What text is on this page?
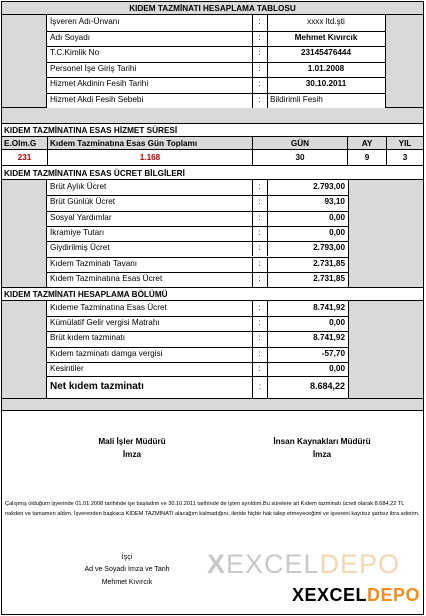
KIDEM TAZMİNATI HESAPLAMA TABLOSU
İşveren Adı-Ünvanı	:	xxxx ltd.şti
Adı Soyadı	:	Mehmet Kıvırcık
T.C.Kimlik No	:	23145476444
Personel İşe Giriş Tarihi	:	1.01.2008
Hizmet Akdinin Fesih Tarihi	:	30.10.2011
Hizmet Akdi Fesih Sebebi	:	Bildirimli Fesih
KIDEM TAZMİNATINA ESAS HİZMET SÜRESİ
E.Olm.G Kıdem Tazminatına Esas Gün Toplamı	GÜN	AY	YIL
231	1.168	30	9	3
KIDEM TAZMİNATINA ESAS ÜCRET BİLGİLERİ
Brüt Aylık Ücret	:	2.793,00
Brüt Günlük Ücret	:	93,10
Sosyal Yardımlar	:	0,00
İkramiye Tutarı	:	0,00
Giydirilmiş Ücret	:	2.793,00
Kıdem Tazminatı Tavanı	:	2.731,85
Kıdem Tazminatına Esas Ücret	:	2.731,85
KIDEM TAZMİNATI HESAPLAMA BÖLÜMÜ
Kıdeme Tazminatına Esas Ücret	:	8.741,92
Kümülatif Gelir vergisi Matrahı	:	0,00
Brüt kıdem tazminatı	:	8.741,92
Kıdem tazminatı damga vergisi	:	-57,70
Kesintiler	:	0,00
Net kıdem tazminatı	:	8.684,22
Mali İşler Müdürü
İmza
İnsan Kaynakları Müdürü
İmza
Çalışmış olduğum işyerinde 01.01.2008 tarihinde işe başladım ve 30.10.2011 tarihinde de işten ayrıldım.Bu sürelere ait Kıdem tazminatı ücreti olarak 8.684,22 TL nakden ve tamamen aldım. İşverenden başkaca KIDEM TAZMİNATI alacağım kalmadığını, ileride hiçbir hak talep etmeyeceğimi ve işvereni kayıtsız şartsız ibra ederim.
İşçi
Ad ve Soyadı İmza ve Tarih
Mehmet Kıvırcık
XEXCELDEPO
XEXCELDEPO
